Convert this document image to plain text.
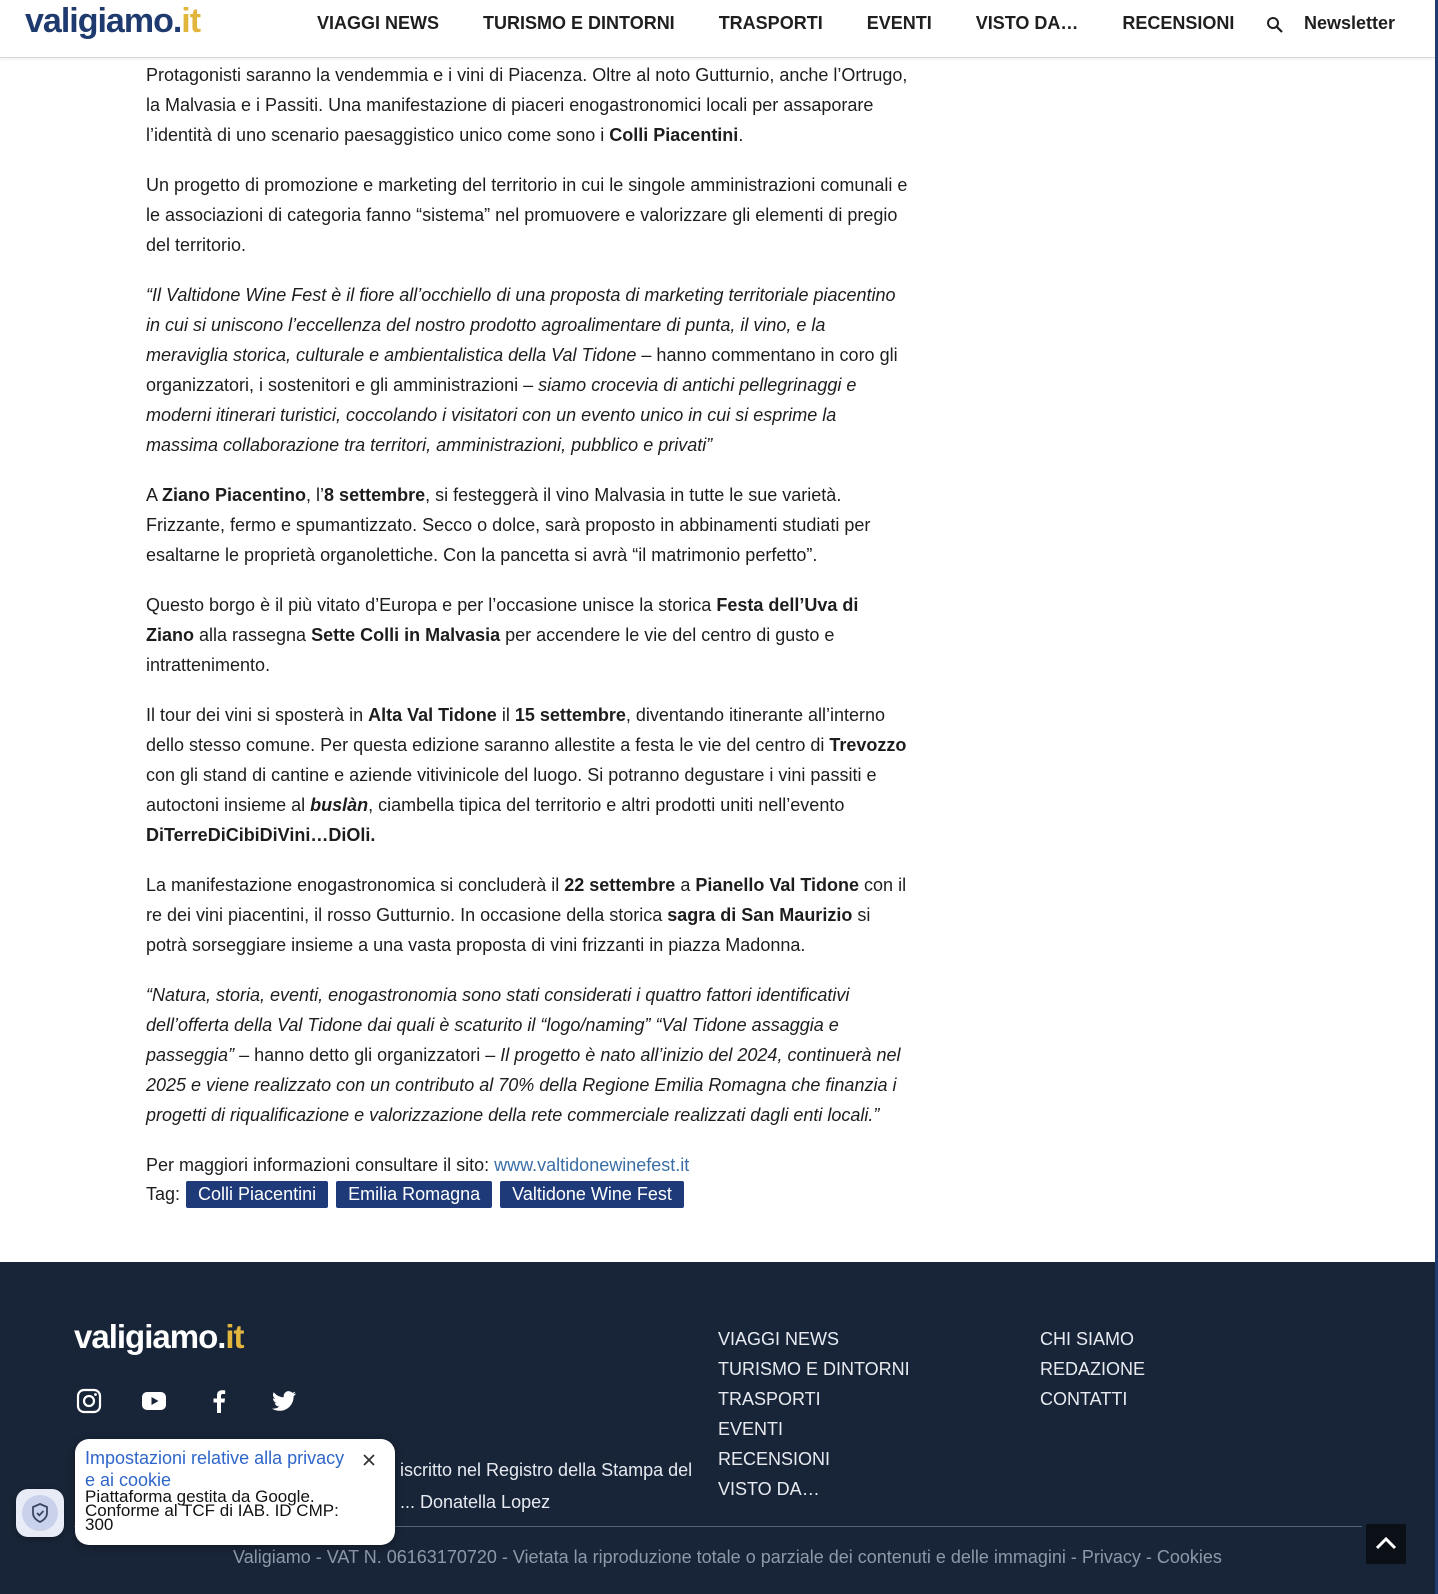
valigiamo.it	VIAGGI NEWS TURISMO E DINTORNI TRASPORTI EVENTI VISTO DA… RECENSIONI	Newsletter

Protagonisti saranno la vendemmia e i vini di Piacenza. Oltre al noto Gutturnio, anche l’Ortrugo, la Malvasia e i Passiti. Una manifestazione di piaceri enogastronomici locali per assaporare l’identità di uno scenario paesaggistico unico come sono i Colli Piacentini.

Un progetto di promozione e marketing del territorio in cui le singole amministrazioni comunali e le associazioni di categoria fanno “sistema” nel promuovere e valorizzare gli elementi di pregio del territorio.

“Il Valtidone Wine Fest è il fiore all’occhiello di una proposta di marketing territoriale piacentino in cui si uniscono l’eccellenza del nostro prodotto agroalimentare di punta, il vino, e la meraviglia storica, culturale e ambientalistica della Val Tidone – hanno commentano in coro gli organizzatori, i sostenitori e gli amministrazioni – siamo crocevia di antichi pellegrinaggi e moderni itinerari turistici, coccolando i visitatori con un evento unico in cui si esprime la massima collaborazione tra territori, amministrazioni, pubblico e privati”

A Ziano Piacentino, l’8 settembre, si festeggerà il vino Malvasia in tutte le sue varietà. Frizzante, fermo e spumantizzato. Secco o dolce, sarà proposto in abbinamenti studiati per esaltarne le proprietà organolettiche. Con la pancetta si avrà “il matrimonio perfetto”.

Questo borgo è il più vitato d’Europa e per l’occasione unisce la storica Festa dell’Uva di Ziano alla rassegna Sette Colli in Malvasia per accendere le vie del centro di gusto e intrattenimento.

Il tour dei vini si sposterà in Alta Val Tidone il 15 settembre, diventando itinerante all’interno dello stesso comune. Per questa edizione saranno allestite a festa le vie del centro di Trevozzo con gli stand di cantine e aziende vitivinicole del luogo. Si potranno degustare i vini passiti e autoctoni insieme al buslàn, ciambella tipica del territorio e altri prodotti uniti nell’evento DiTerreDiCibiDiVini…DiOli.

La manifestazione enogastronomica si concluderà il 22 settembre a Pianello Val Tidone con il re dei vini piacentini, il rosso Gutturnio. In occasione della storica sagra di San Maurizio si potrà sorseggiare insieme a una vasta proposta di vini frizzanti in piazza Madonna.

“Natura, storia, eventi, enogastronomia sono stati considerati i quattro fattori identificativi dell’offerta della Val Tidone dai quali è scaturito il “logo/naming” “Val Tidone assaggia e passeggia” – hanno detto gli organizzatori – Il progetto è nato all’inizio del 2024, continuerà nel 2025 e viene realizzato con un contributo al 70% della Regione Emilia Romagna che finanzia i progetti di riqualificazione e valorizzazione della rete commerciale realizzati dagli enti locali.”

Per maggiori informazioni consultare il sito: www.valtidonewinefest.it

Tag:	Colli Piacentini	Emilia Romagna	Valtidone Wine Fest
valigiamo.it
iscritto nel Registro della Stampa del
... Donatella Lopez
VIAGGI NEWS
TURISMO E DINTORNI
TRASPORTI
EVENTI
RECENSIONI
VISTO DA…
CHI SIAMO
REDAZIONE
CONTATTI
Valigiamo - VAT N. 06163170720 - Vietata la riproduzione totale o parziale dei contenuti e delle immagini - Privacy - Cookies
Impostazioni relative alla privacy e ai cookie
Piattaforma gestita da Google.
Conforme al TCF di IAB. ID CMP:
300
